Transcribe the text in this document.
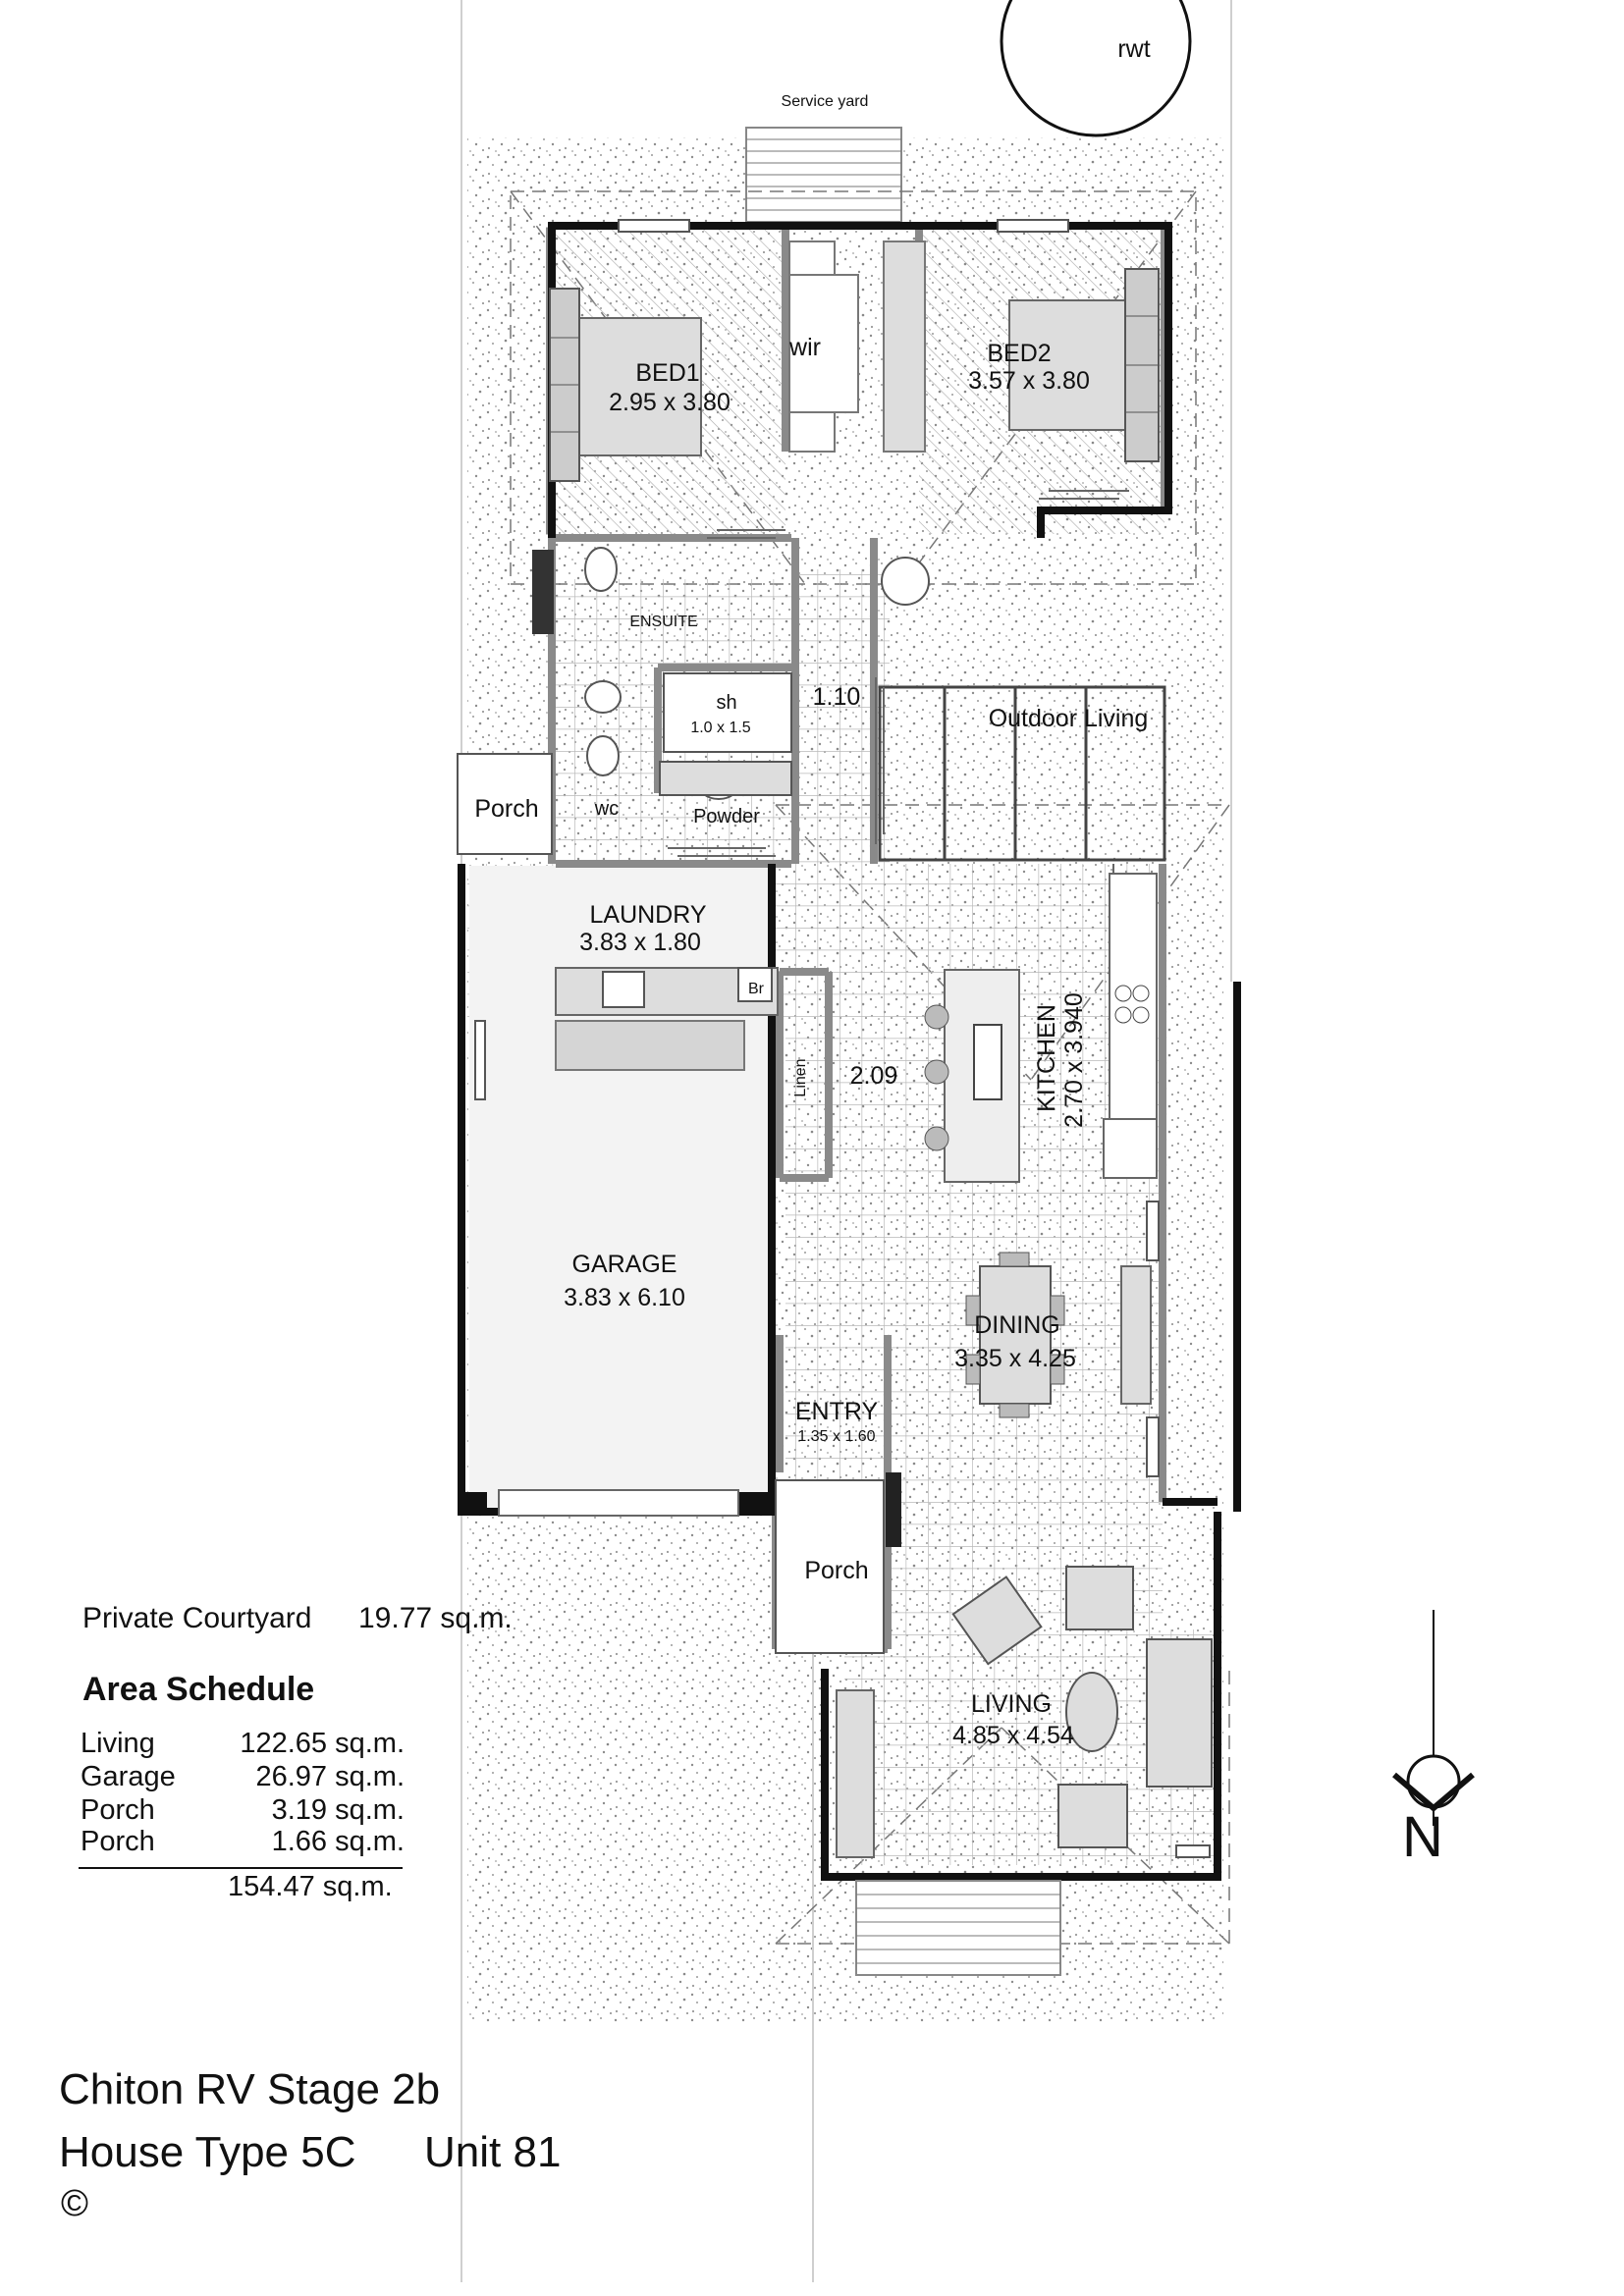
rwt
Service yard
Br
BED1
2.95 x 3.80
wir	BED2
3.57 x 3.80
ENSUITE
sh
1.0 x 1.5
1.10
Outdoor Living
Porch	wc	Powder
LAUNDRY
3.83 x 1.80
Linen 2.09	KITCHEN 2.70 x 3.940
GARAGE
3.83 x 6.10
DINING
3.35 x 4.25
ENTRY
1.35 x 1.60
Porch
LIVING
4.85 x 4.54
Private Courtyard 19.77 sq.m.
Area Schedule
Living	122.65 sq.m.
Garage	26.97 sq.m.
Porch	3.19 sq.m.
Porch	1.66 sq.m.
154.47 sq.m.
Chiton RV Stage 2b
House Type 5C Unit 81
©
N
